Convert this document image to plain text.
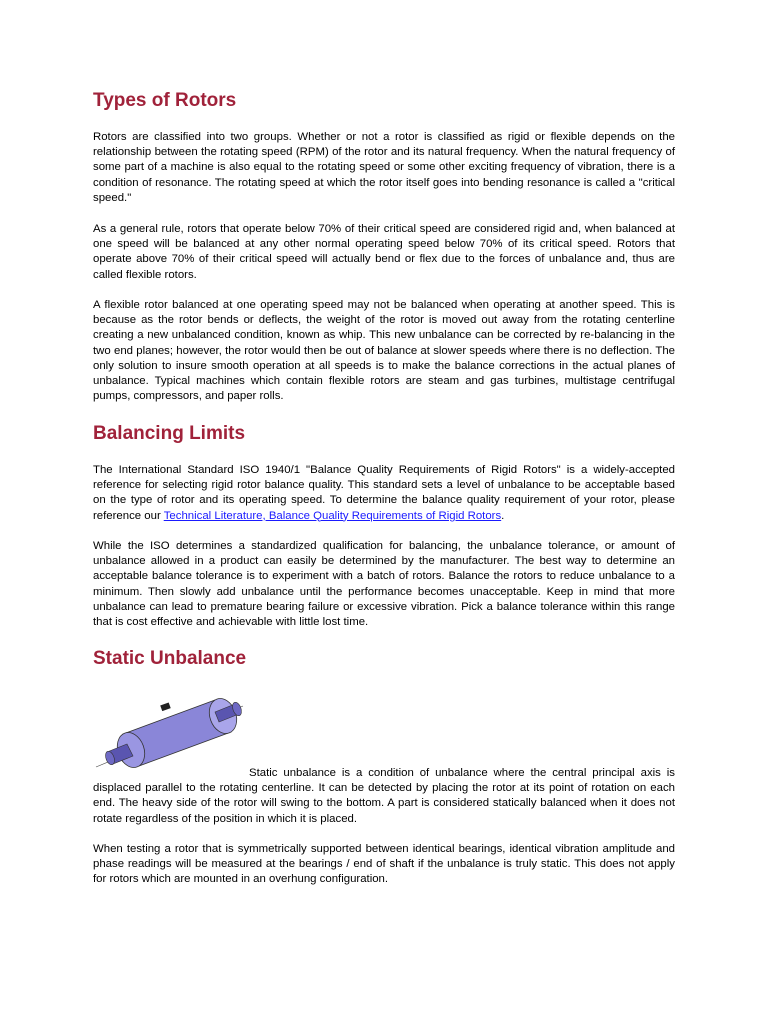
Types of Rotors

Rotors are classified into two groups. Whether or not a rotor is classified as rigid or flexible depends on the relationship between the rotating speed (RPM) of the rotor and its natural frequency. When the natural frequency of some part of a machine is also equal to the rotating speed or some other exciting frequency of vibration, there is a condition of resonance. The rotating speed at which the rotor itself goes into bending resonance is called a "critical speed."

As a general rule, rotors that operate below 70% of their critical speed are considered rigid and, when balanced at one speed will be balanced at any other normal operating speed below 70% of its critical speed. Rotors that operate above 70% of their critical speed will actually bend or flex due to the forces of unbalance and, thus are called flexible rotors.

A flexible rotor balanced at one operating speed may not be balanced when operating at another speed. This is because as the rotor bends or deflects, the weight of the rotor is moved out away from the rotating centerline creating a new unbalanced condition, known as whip. This new unbalance can be corrected by re-balancing in the two end planes; however, the rotor would then be out of balance at slower speeds where there is no deflection. The only solution to insure smooth operation at all speeds is to make the balance corrections in the actual planes of unbalance. Typical machines which contain flexible rotors are steam and gas turbines, multistage centrifugal pumps, compressors, and paper rolls.

Balancing Limits

The International Standard ISO 1940/1 "Balance Quality Requirements of Rigid Rotors" is a widely-accepted reference for selecting rigid rotor balance quality. This standard sets a level of unbalance to be acceptable based on the type of rotor and its operating speed. To determine the balance quality requirement of your rotor, please reference our Technical Literature, Balance Quality Requirements of Rigid Rotors.

While the ISO determines a standardized qualification for balancing, the unbalance tolerance, or amount of unbalance allowed in a product can easily be determined by the manufacturer. The best way to determine an acceptable balance tolerance is to experiment with a batch of rotors. Balance the rotors to reduce unbalance to a minimum. Then slowly add unbalance until the performance becomes unacceptable. Keep in mind that more unbalance can lead to premature bearing failure or excessive vibration. Pick a balance tolerance within this range that is cost effective and achievable with little lost time.

Static Unbalance

Static unbalance is a condition of unbalance where the central principal axis is displaced parallel to the rotating centerline. It can be detected by placing the rotor at its point of rotation on each end. The heavy side of the rotor will swing to the bottom. A part is considered statically balanced when it does not rotate regardless of the position in which it is placed.

When testing a rotor that is symmetrically supported between identical bearings, identical vibration amplitude and phase readings will be measured at the bearings / end of shaft if the unbalance is truly static. This does not apply for rotors which are mounted in an overhung configuration.
